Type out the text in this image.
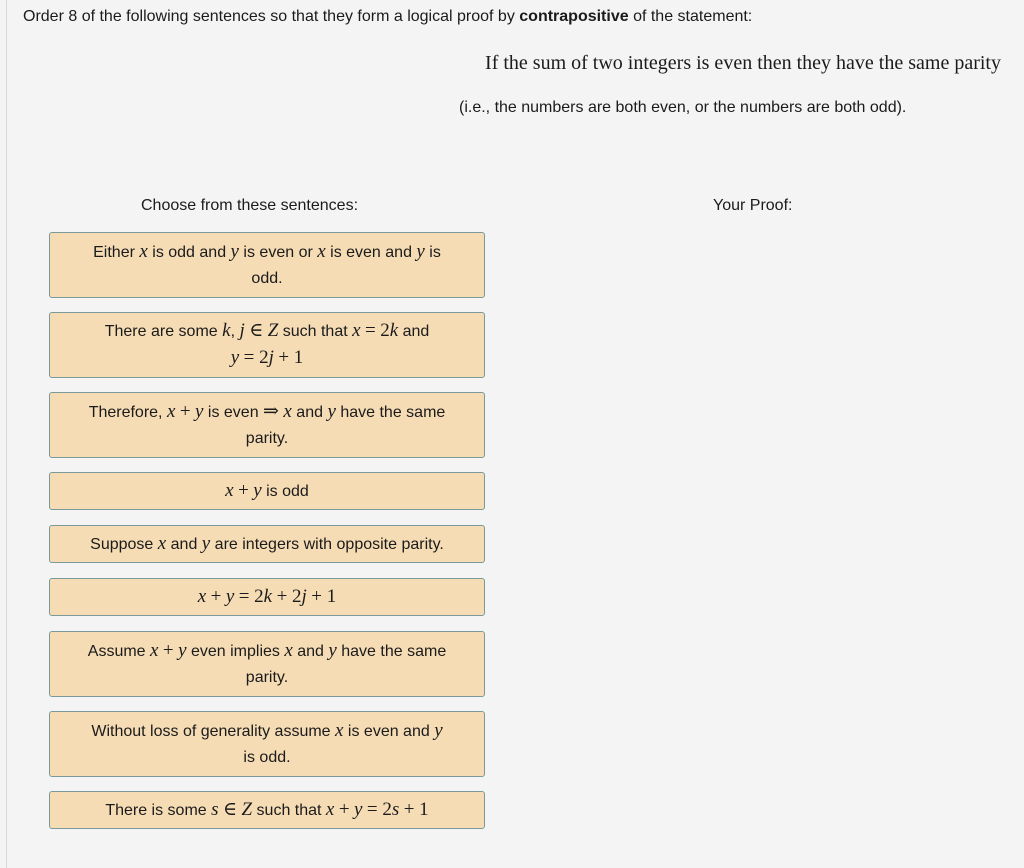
Order 8 of the following sentences so that they form a logical proof by contrapositive of the statement:
If the sum of two integers is even then they have the same parity
(i.e., the numbers are both even, or the numbers are both odd).
Choose from these sentences:	Your Proof:
Either x is odd and y is even or x is even and y is
odd.
There are some k, j ∈ Z such that x = 2k and
y = 2j + 1
Therefore, x + y is even ⇒ x and y have the same
parity.
x + y is odd
Suppose x and y are integers with opposite parity.
x + y = 2k + 2j + 1
Assume x + y even implies x and y have the same
parity.
Without loss of generality assume x is even and y
is odd.
There is some s ∈ Z such that x + y = 2s + 1
